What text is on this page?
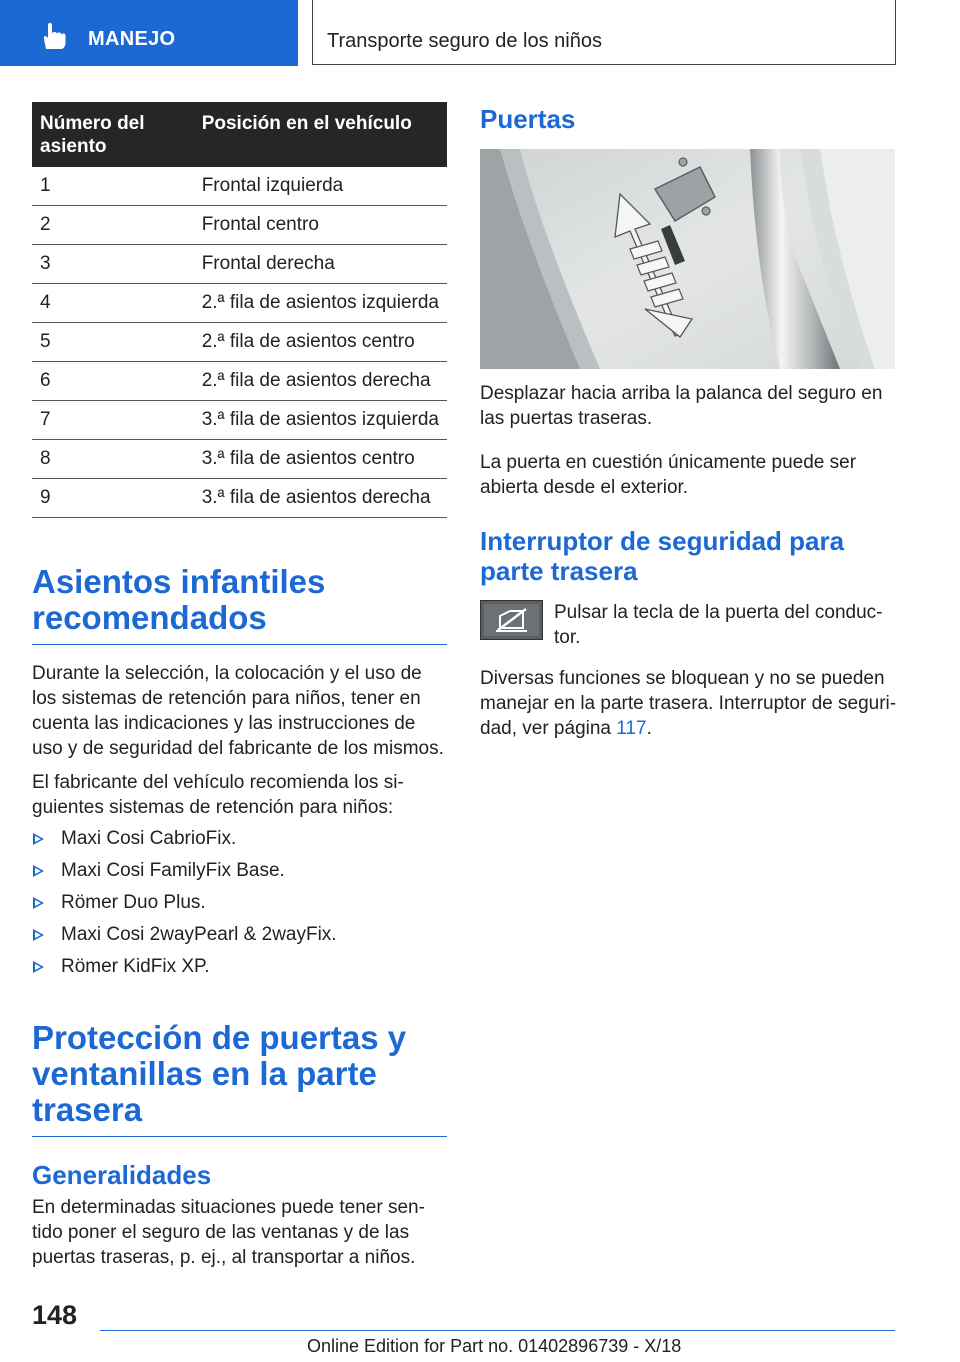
MANEJO	Transporte seguro de los niños
Número del asiento	Posición en el vehículo
1	Frontal izquierda
2	Frontal centro
3	Frontal derecha
4	2.ª fila de asientos izquierda
5	2.ª fila de asientos centro
6	2.ª fila de asientos derecha
7	3.ª fila de asientos izquierda
8	3.ª fila de asientos centro
9	3.ª fila de asientos derecha
Asientos infantiles
recomendados

Durante la selección, la colocación y el uso de los sistemas de retención para niños, tener en cuenta las indicaciones y las instrucciones de uso y de seguridad del fabricante de los mismos.

El fabricante del vehículo recomienda los si‐ guientes sistemas de retención para niños:

Maxi Cosi CabrioFix.
Maxi Cosi FamilyFix Base.
Römer Duo Plus.
Maxi Cosi 2wayPearl & 2wayFix.
Römer KidFix XP.
Protección de puertas y
ventanillas en la parte
trasera
Generalidades

En determinadas situaciones puede tener sen‐ tido poner el seguro de las ventanas y de las puertas traseras, p. ej., al transportar a niños.

Puertas

Desplazar hacia arriba la palanca del seguro en las puertas traseras.

La puerta en cuestión únicamente puede ser abierta desde el exterior.

Interruptor de seguridad para
parte trasera

Pulsar la tecla de la puerta del conduc‐ tor.

Diversas funciones se bloquean y no se pueden manejar en la parte trasera. Interruptor de seguri‐ dad, ver página 117.

148
Online Edition for Part no. 01402896739 - X/18
